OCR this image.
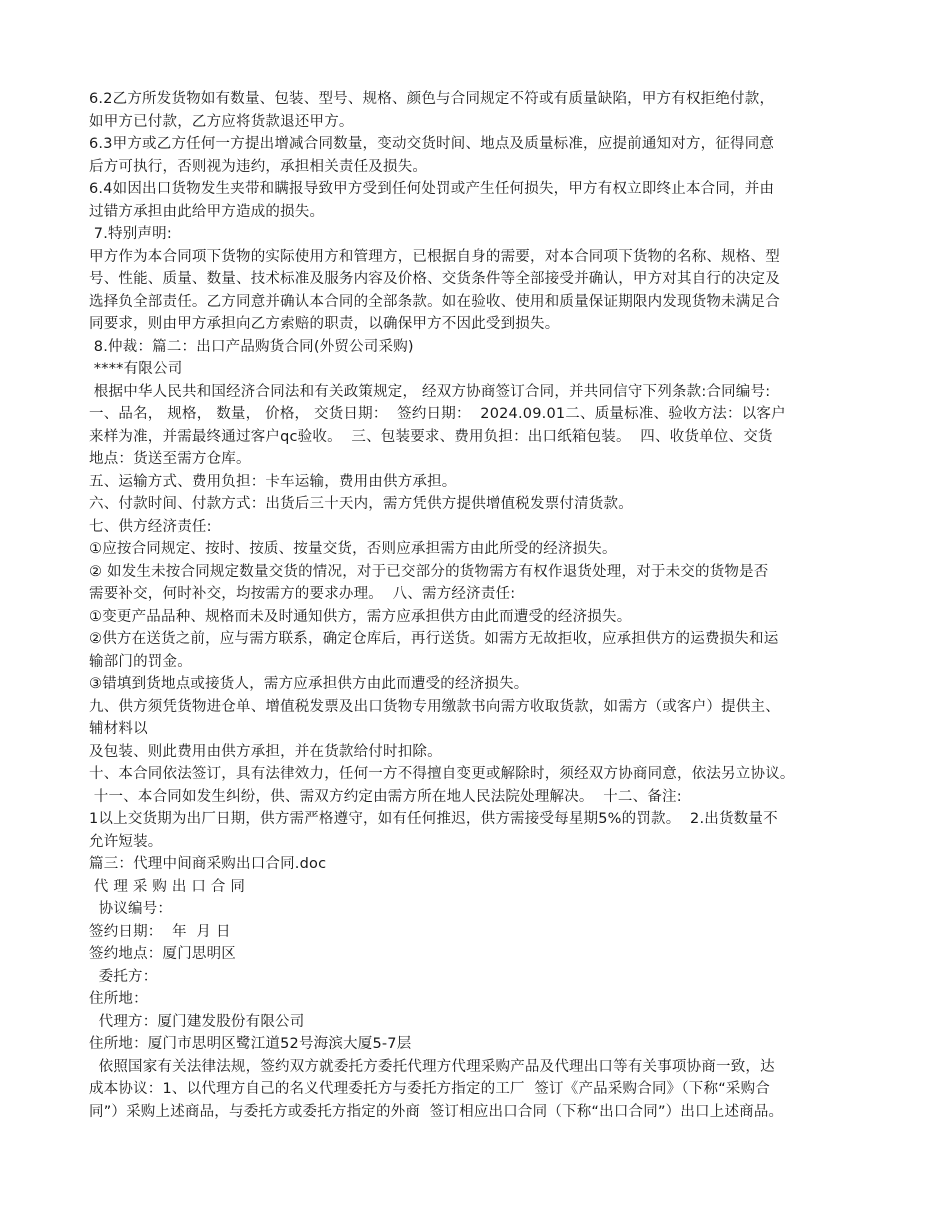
6.2乙方所发货物如有数量、包装、型号、规格、颜色与合同规定不符或有质量缺陷，甲方有权拒绝付款，
如甲方已付款，乙方应将货款退还甲方。
6.3甲方或乙方任何一方提出增减合同数量，变动交货时间、地点及质量标准，应提前通知对方，征得同意
后方可执行，否则视为违约，承担相关责任及损失。
6.4如因出口货物发生夹带和瞒报导致甲方受到任何处罚或产生任何损失，甲方有权立即终止本合同，并由
过错方承担由此给甲方造成的损失。
7.特别声明:
甲方作为本合同项下货物的实际使用方和管理方，已根据自身的需要，对本合同项下货物的名称、规格、型
号、性能、质量、数量、技术标准及服务内容及价格、交货条件等全部接受并确认，甲方对其自行的决定及
选择负全部责任。乙方同意并确认本合同的全部条款。如在验收、使用和质量保证期限内发现货物未满足合
同要求，则由甲方承担向乙方索赔的职责，以确保甲方不因此受到损失。
8.仲裁：篇二：出口产品购货合同(外贸公司采购)
****有限公司
根据中华人民共和国经济合同法和有关政策规定， 经双方协商签订合同，并共同信守下列条款:合同编号:
一、品名， 规格， 数量， 价格， 交货日期：  签约日期：  2024.09.01二、质量标准、验收方法：以客户
来样为准，并需最终通过客户qc验收。  三、包装要求、费用负担：出口纸箱包装。  四、收货单位、交货
地点：货送至需方仓库。
五、运输方式、费用负担：卡车运输，费用由供方承担。
六、付款时间、付款方式：出货后三十天内，需方凭供方提供增值税发票付清货款。
七、供方经济责任:
①应按合同规定、按时、按质、按量交货，否则应承担需方由此所受的经济损失。
② 如发生未按合同规定数量交货的情况，对于已交部分的货物需方有权作退货处理，对于未交的货物是否
需要补交，何时补交，均按需方的要求办理。  八、需方经济责任:
①变更产品品种、规格而未及时通知供方，需方应承担供方由此而遭受的经济损失。
②供方在送货之前，应与需方联系，确定仓库后，再行送货。如需方无故拒收，应承担供方的运费损失和运
输部门的罚金。
③错填到货地点或接货人，需方应承担供方由此而遭受的经济损失。
九、供方须凭货物进仓单、增值税发票及出口货物专用缴款书向需方收取货款，如需方（或客户）提供主、
辅材料以
及包装、则此费用由供方承担，并在货款给付时扣除。
十、本合同依法签订，具有法律效力，任何一方不得擅自变更或解除时，须经双方协商同意，依法另立协议。
十一、本合同如发生纠纷，供、需双方约定由需方所在地人民法院处理解决。  十二、备注:
1以上交货期为出厂日期，供方需严格遵守，如有任何推迟，供方需接受每星期5%的罚款。  2.出货数量不
允许短装。
篇三：代理中间商采购出口合同.doc
代 理 采 购 出 口 合 同
协议编号：
签约日期：  年  月 日
签约地点：厦门思明区
委托方：
住所地：
代理方：厦门建发股份有限公司
住所地：厦门市思明区鹭江道52号海滨大厦5-7层
依照国家有关法律法规，签约双方就委托方委托代理方代理采购产品及代理出口等有关事项协商一致，达
成本协议：1、以代理方自己的名义代理委托方与委托方指定的工厂  签订《产品采购合同》（下称“采购合
同”）采购上述商品，与委托方或委托方指定的外商  签订相应出口合同（下称“出口合同”）出口上述商品。
